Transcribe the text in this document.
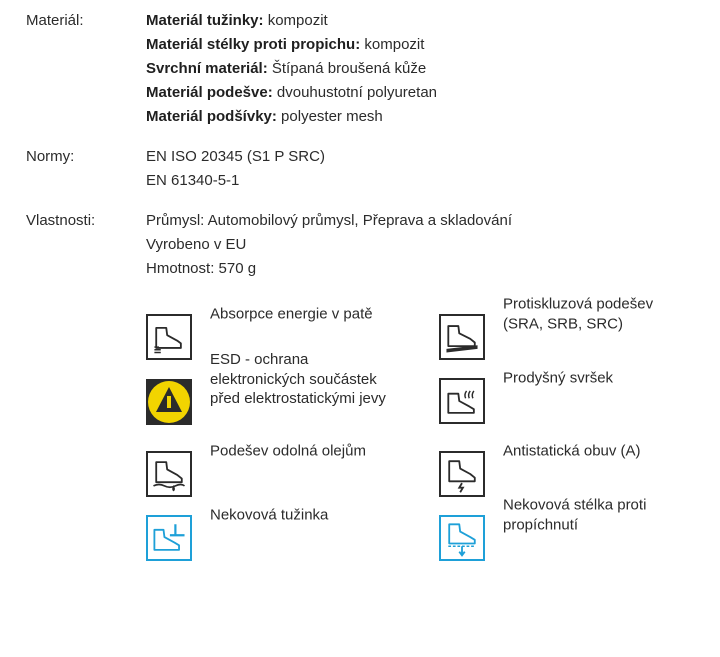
Materiál:	Materiál tužinky: kompozit
Materiál stélky proti propichu: kompozit
Svrchní materiál: Štípaná broušená kůže
Materiál podešve: dvouhustotní polyuretan
Materiál podšívky: polyester mesh
Normy:	EN ISO 20345 (S1 P SRC)
EN 61340-5-1
Vlastnosti:	Průmysl: Automobilový průmysl, Přeprava a skladování
Vyrobeno v EU
Hmotnost: 570 g
Absorpce energie v patě
Protiskluzová podešev
(SRA, SRB, SRC)
ESD - ochrana
elektronických součástek
před elektrostatickými jevy
Prodyšný svršek
Podešev odolná olejům	Antistatická obuv (A)
Nekovová tužinka
Nekovová stélka proti
propíchnutí
